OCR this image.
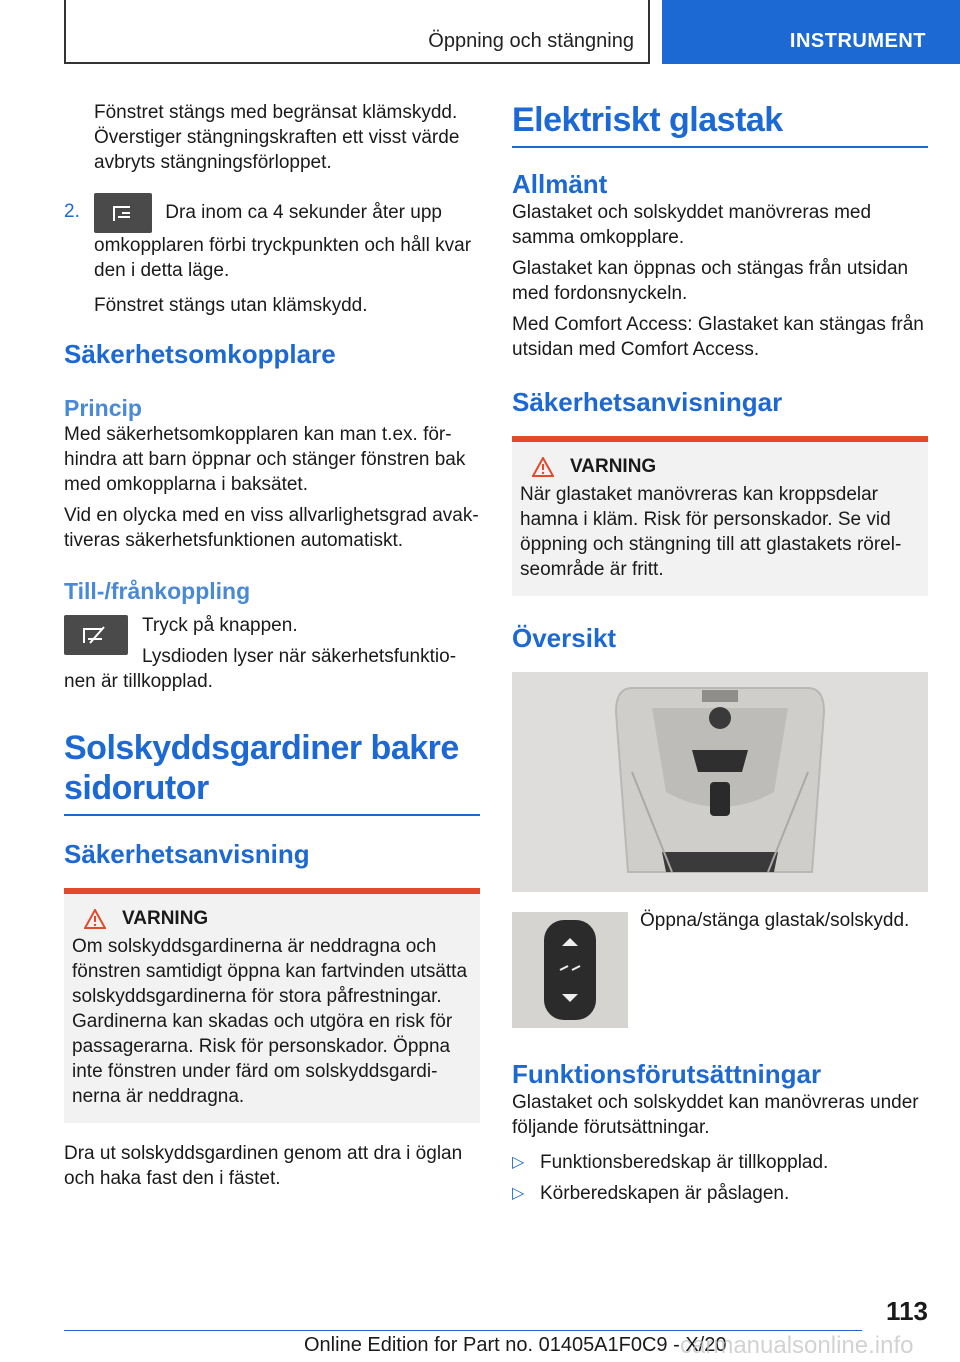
Öppning och stängning	INSTRUMENT

Fönstret stängs med begränsat klämskydd.

Överstiger stängningskraften ett visst värde

avbryts stängningsförloppet.

2.	Dra inom ca 4 sekunder åter upp

omkopplaren förbi tryckpunkten och håll kvar

den i detta läge.

Fönstret stängs utan klämskydd.

Säkerhetsomkopplare
Princip

Med säkerhetsomkopplaren kan man t.ex. förhindra att barn öppnar och stänger fönstren bak med omkopplarna i baksätet.

Vid en olycka med en viss allvarlighetsgrad avaktiveras säkerhetsfunktionen automatiskt.

Till-/frånkoppling

Tryck på knappen.

Lysdioden lyser när säkerhetsfunktionen är tillkopplad.

Solskyddsgardiner bakre sidorutor
Säkerhetsanvisning
VARNING

Om solskyddsgardinerna är neddragna och fönstren samtidigt öppna kan fartvinden utsätta solskyddsgardinerna för stora påfrestningar. Gardinerna kan skadas och utgöra en risk för passagerarna. Risk för personskador. Öppna inte fönstren under färd om solskyddsgardinerna är neddragna.

Dra ut solskyddsgardinen genom att dra i öglan och haka fast den i fästet.

Elektriskt glastak
Allmänt

Glastaket och solskyddet manövreras med samma omkopplare.

Glastaket kan öppnas och stängas från utsidan med fordonsnyckeln.

Med Comfort Access: Glastaket kan stängas från utsidan med Comfort Access.

Säkerhetsanvisningar
VARNING

När glastaket manövreras kan kroppsdelar hamna i kläm. Risk för personskador. Se vid öppning och stängning till att glastakets rörelseområde är fritt.

Översikt

Öppna/stänga glastak/solskydd.

Funktionsförutsättningar

Glastaket och solskyddet kan manövreras under följande förutsättningar.

▷ Funktionsberedskap är tillkopplad.
▷ Körberedskapen är påslagen.
113
Online Edition for Part no. 01405A1F0C9 - X/20
carmanualsonline.info
